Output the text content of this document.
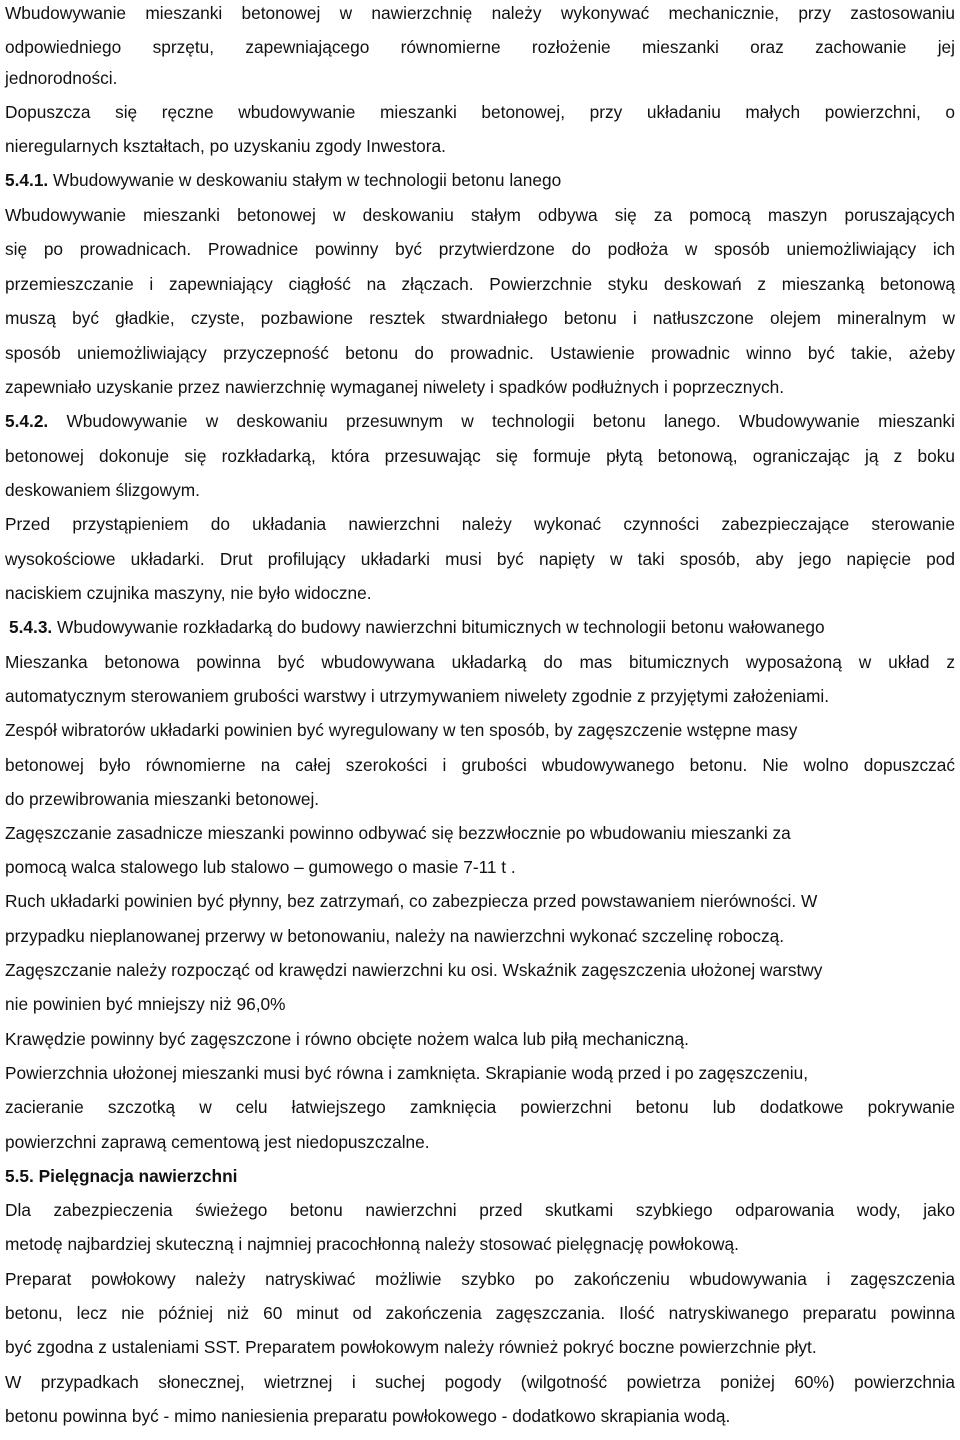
Wbudowywanie mieszanki betonowej w nawierzchnię należy wykonywać mechanicznie, przy zastosowaniu
odpowiedniego sprzętu, zapewniającego równomierne rozłożenie mieszanki oraz zachowanie jej
jednorodności.
Dopuszcza się ręczne wbudowywanie mieszanki betonowej, przy układaniu małych powierzchni, o
nieregularnych kształtach, po uzyskaniu zgody Inwestora.
5.4.1. Wbudowywanie w deskowaniu stałym w technologii betonu lanego
Wbudowywanie mieszanki betonowej w deskowaniu stałym odbywa się za pomocą maszyn poruszających
się po prowadnicach. Prowadnice powinny być przytwierdzone do podłoża w sposób uniemożliwiający ich
przemieszczanie i zapewniający ciągłość na złączach. Powierzchnie styku deskowań z mieszanką betonową
muszą być gładkie, czyste, pozbawione resztek stwardniałego betonu i natłuszczone olejem mineralnym w
sposób uniemożliwiający przyczepność betonu do prowadnic. Ustawienie prowadnic winno być takie, ażeby
zapewniało uzyskanie przez nawierzchnię wymaganej niwelety i spadków podłużnych i poprzecznych.
5.4.2. Wbudowywanie w deskowaniu przesuwnym w technologii betonu lanego. Wbudowywanie mieszanki
betonowej dokonuje się rozkładarką, która przesuwając się formuje płytą betonową, ograniczając ją z boku
deskowaniem ślizgowym.
Przed przystąpieniem do układania nawierzchni należy wykonać czynności zabezpieczające sterowanie
wysokościowe układarki. Drut profilujący układarki musi być napięty w taki sposób, aby jego napięcie pod
naciskiem czujnika maszyny, nie było widoczne.
5.4.3. Wbudowywanie rozkładarką do budowy nawierzchni bitumicznych w technologii betonu wałowanego
Mieszanka betonowa powinna być wbudowywana układarką do mas bitumicznych wyposażoną w układ z
automatycznym sterowaniem grubości warstwy i utrzymywaniem niwelety zgodnie z przyjętymi założeniami.
Zespół wibratorów układarki powinien być wyregulowany w ten sposób, by zagęszczenie wstępne masy
betonowej było równomierne na całej szerokości i grubości wbudowywanego betonu. Nie wolno dopuszczać
do przewibrowania mieszanki betonowej.
Zagęszczanie zasadnicze mieszanki powinno odbywać się bezzwłocznie po wbudowaniu mieszanki za
pomocą walca stalowego lub stalowo – gumowego o masie 7-11 t .
Ruch układarki powinien być płynny, bez zatrzymań, co zabezpiecza przed powstawaniem nierówności. W
przypadku nieplanowanej przerwy w betonowaniu, należy na nawierzchni wykonać szczelinę roboczą.
Zagęszczanie należy rozpocząć od krawędzi nawierzchni ku osi. Wskaźnik zagęszczenia ułożonej warstwy
nie powinien być mniejszy niż 96,0%
Krawędzie powinny być zagęszczone i równo obcięte nożem walca lub piłą mechaniczną.
Powierzchnia ułożonej mieszanki musi być równa i zamknięta. Skrapianie wodą przed i po zagęszczeniu,
zacieranie szczotką w celu łatwiejszego zamknięcia powierzchni betonu lub dodatkowe pokrywanie
powierzchni zaprawą cementową jest niedopuszczalne.
5.5. Pielęgnacja nawierzchni
Dla zabezpieczenia świeżego betonu nawierzchni przed skutkami szybkiego odparowania wody, jako
metodę najbardziej skuteczną i najmniej pracochłonną należy stosować pielęgnację powłokową.
Preparat powłokowy należy natryskiwać możliwie szybko po zakończeniu wbudowywania i zagęszczenia
betonu, lecz nie później niż 60 minut od zakończenia zagęszczania. Ilość natryskiwanego preparatu powinna
być zgodna z ustaleniami SST. Preparatem powłokowym należy również pokryć boczne powierzchnie płyt.
W przypadkach słonecznej, wietrznej i suchej pogody (wilgotność powietrza poniżej 60%) powierzchnia
betonu powinna być - mimo naniesienia preparatu powłokowego - dodatkowo skrapiania wodą.
